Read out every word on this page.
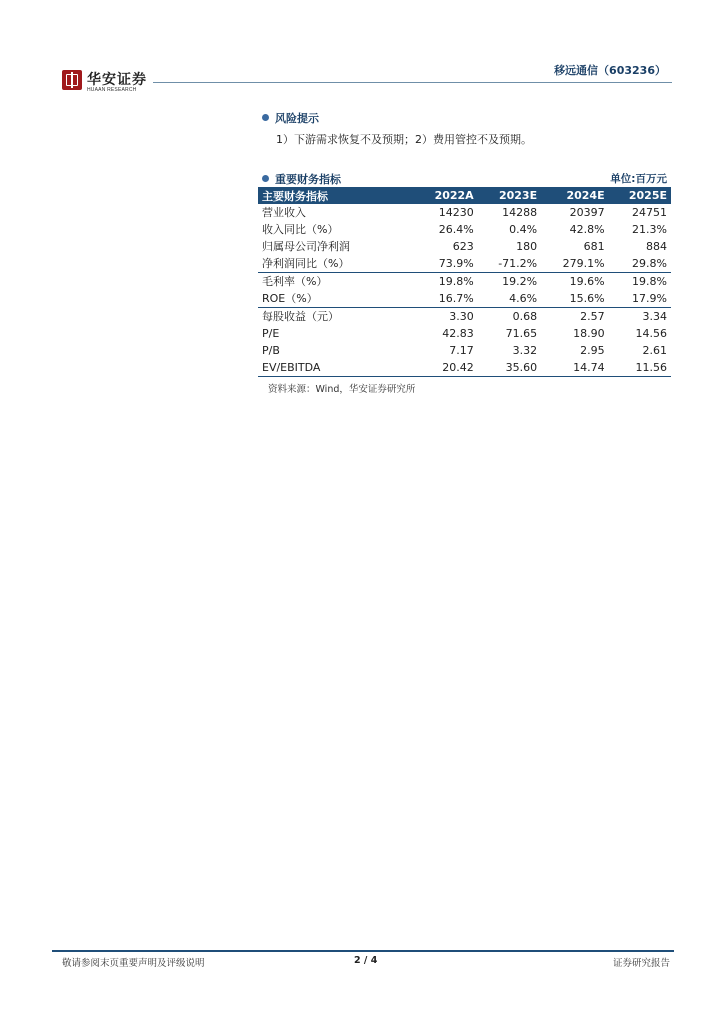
华安证券
HUAAN RESEARCH
移远通信（603236）
风险提示
1）下游需求恢复不及预期；2）费用管控不及预期。
重要财务指标	单位:百万元
主要财务指标	2022A	2023E	2024E	2025E
营业收入	14230	14288	20397	24751
收入同比（%）	26.4%	0.4%	42.8%	21.3%
归属母公司净利润	623	180	681	884
净利润同比（%）	73.9%	-71.2%	279.1%	29.8%
毛利率（%）	19.8%	19.2%	19.6%	19.8%
ROE（%）	16.7%	4.6%	15.6%	17.9%
每股收益（元）	3.30	0.68	2.57	3.34
P/E	42.83	71.65	18.90	14.56
P/B	7.17	3.32	2.95	2.61
EV/EBITDA	20.42	35.60	14.74	11.56
资料来源：Wind，华安证券研究所
敬请参阅末页重要声明及评级说明	2 / 4	证券研究报告
